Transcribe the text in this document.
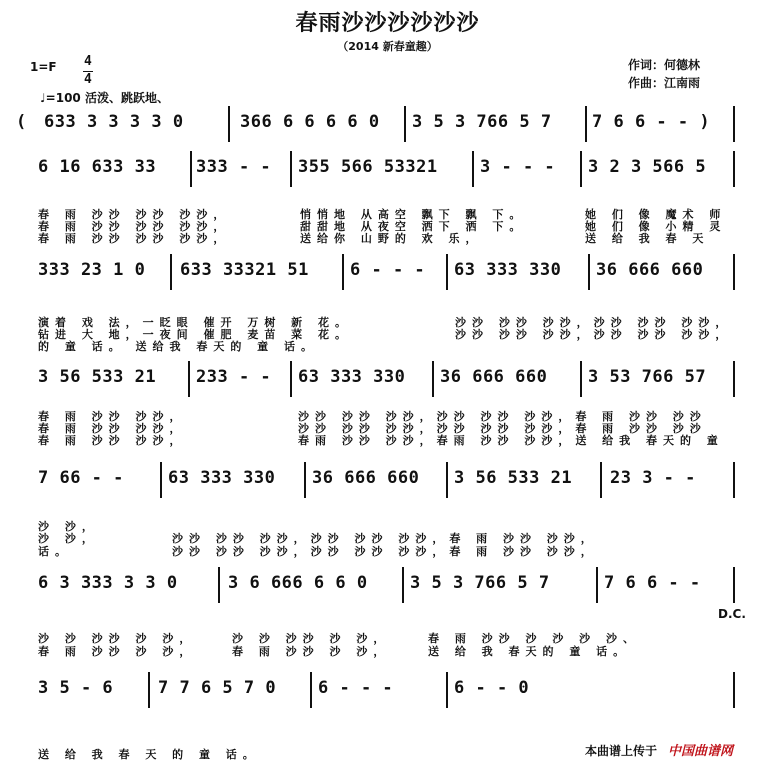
春雨沙沙沙沙沙沙
（2014 新春童趣）
作词：何德林
作曲：江南雨
1=F 4
4
♩=100 活泼、跳跃地、
( 633 3 3 3 3 0	366 6 6 6 6 0 3 5 3 766 5 7 7 6 6 - - )
6 16 633 33 333 - - 355 566 53321 3 - - - 3 2 3 566 5
春 雨 沙沙 沙沙 沙沙，	悄悄地 从高空 飘下 飘 下。	她 们 像 魔术 师
春 雨 沙沙 沙沙 沙沙，	甜甜地 从夜空 洒下 洒 下。	她 们 像 小精 灵
春 雨 沙沙 沙沙 沙沙，	送给你 山野的 欢 乐，	送 给 我 春 天
333 23 1 0 633 33321 51 6 - - - 63 333 330 36 666 660
演着 戏 法，一眨眼 催开 万树 新 花。	沙沙 沙沙 沙沙，沙沙 沙沙 沙沙，
钻进 大 地，一夜间 催肥 麦苗 菜 花。	沙沙 沙沙 沙沙，沙沙 沙沙 沙沙，
的 童 话。 送给我 春天的 童 话。
3 56 533 21 233 - - 63 333 330 36 666 660 3 53 766 57
春 雨 沙沙 沙沙，	沙沙 沙沙 沙沙，沙沙 沙沙 沙沙，春 雨 沙沙 沙沙
春 雨 沙沙 沙沙，	沙沙 沙沙 沙沙，沙沙 沙沙 沙沙，春 雨 沙沙 沙沙
春 雨 沙沙 沙沙，	春雨 沙沙 沙沙，春雨 沙沙 沙沙，送 给我 春天的 童
7 66 - -	63 333 330 36 666 660 3 56 533 21 23 3 - -
沙 沙，
沙 沙，	沙沙 沙沙 沙沙，沙沙 沙沙 沙沙，春 雨 沙沙 沙沙，
话。	沙沙 沙沙 沙沙，沙沙 沙沙 沙沙，春 雨 沙沙 沙沙，
6 3 333 3 3 0	3 6 666 6 6 0 3 5 3 766 5 7	7 6 6 - -
沙 沙 沙沙 沙 沙，	沙 沙 沙沙 沙 沙，	春 雨 沙沙 沙 沙 沙 沙、
春 雨 沙沙 沙 沙，	春 雨 沙沙 沙 沙，	送 给 我 春天的 童 话。
3 5 - 6	7 7 6 5 7 0 6 - - -	6 - - 0
送 给 我 春 天 的 童 话。
D.C.
本曲谱上传于 中国曲谱网
